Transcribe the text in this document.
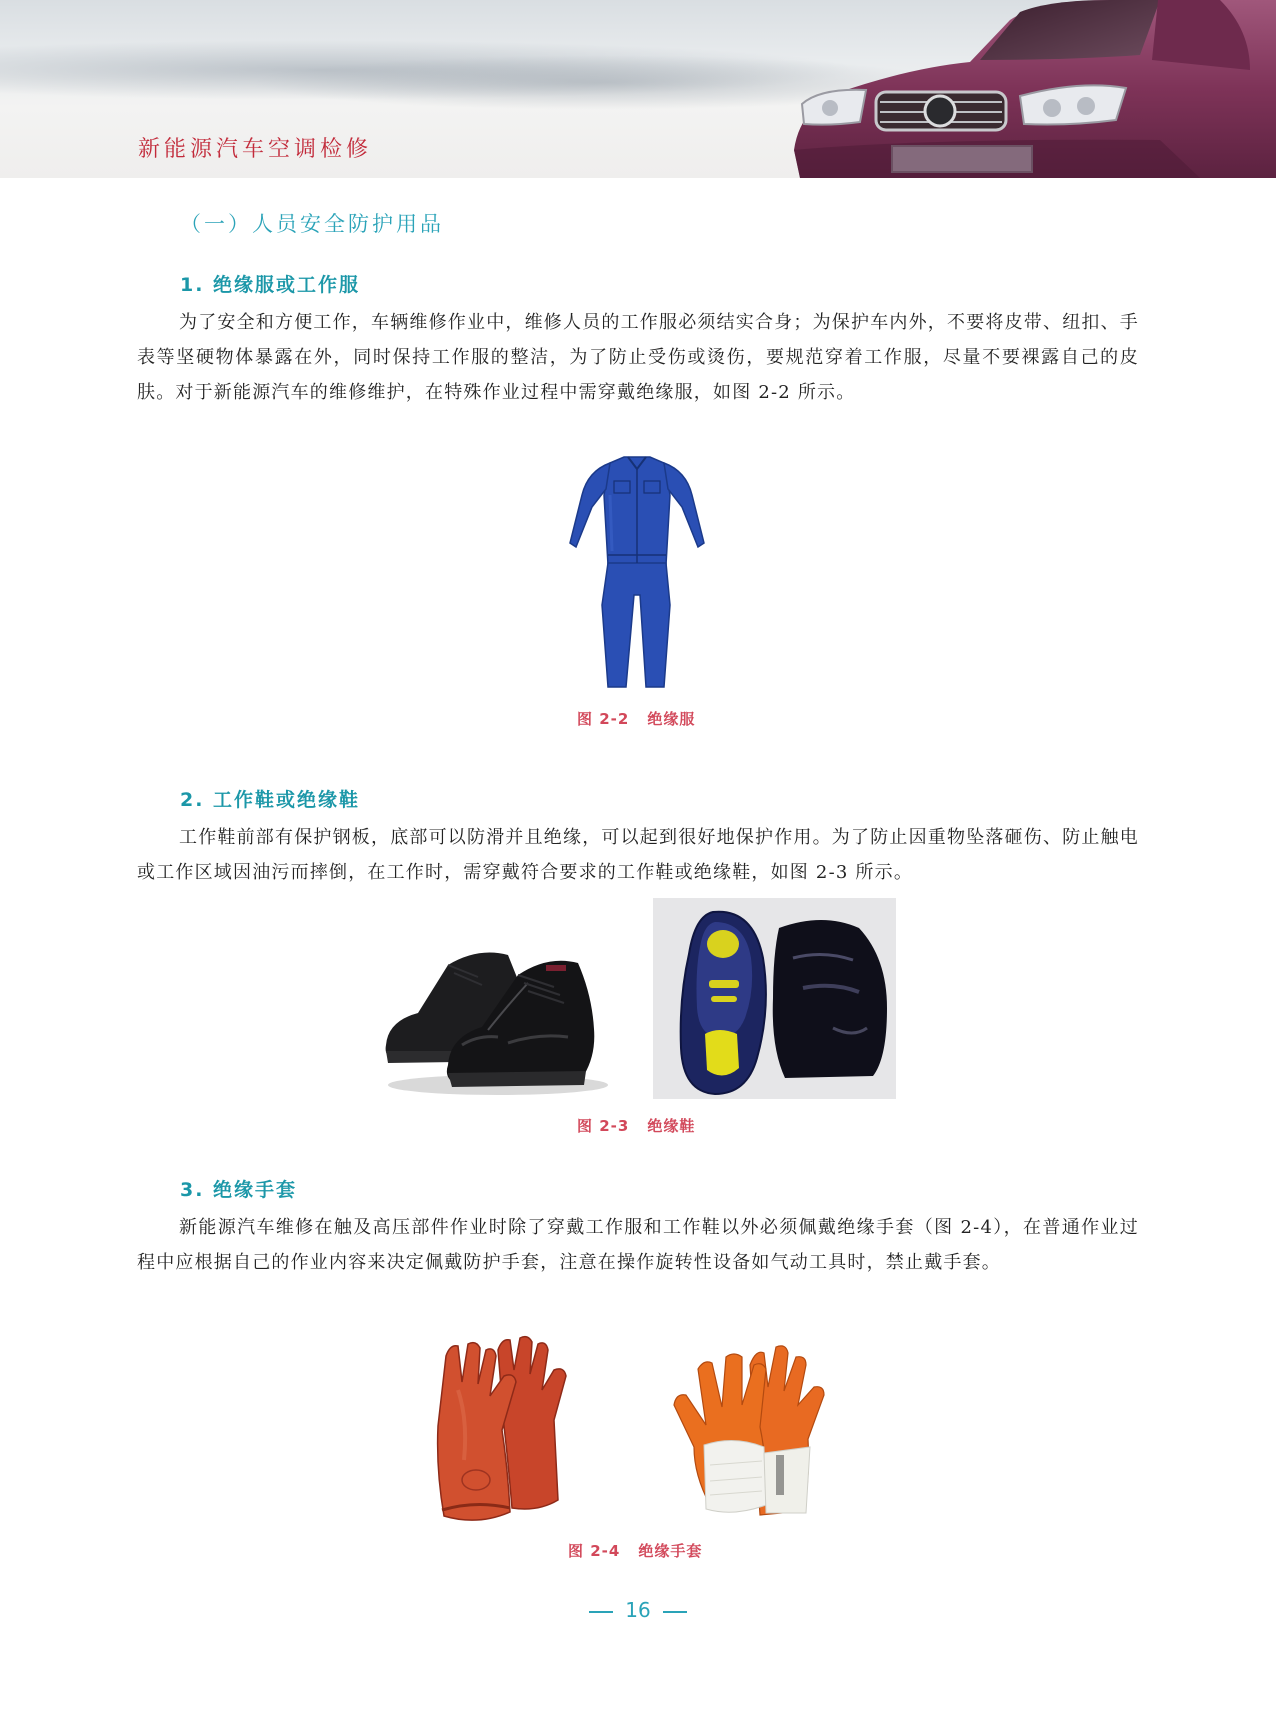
新能源汽车空调检修
（一）人员安全防护用品
1. 绝缘服或工作服
为了安全和方便工作，车辆维修作业中，维修人员的工作服必须结实合身；为保护车内外，不要将皮带、纽扣、手表等坚硬物体暴露在外，同时保持工作服的整洁，为了防止受伤或烫伤，要规范穿着工作服，尽量不要裸露自己的皮肤。对于新能源汽车的维修维护，在特殊作业过程中需穿戴绝缘服，如图 2-2 所示。
图 2-2 绝缘服
2. 工作鞋或绝缘鞋
工作鞋前部有保护钢板，底部可以防滑并且绝缘，可以起到很好地保护作用。为了防止因重物坠落砸伤、防止触电或工作区域因油污而摔倒，在工作时，需穿戴符合要求的工作鞋或绝缘鞋，如图 2-3 所示。
图 2-3 绝缘鞋
3. 绝缘手套
新能源汽车维修在触及高压部件作业时除了穿戴工作服和工作鞋以外必须佩戴绝缘手套（图 2-4），在普通作业过程中应根据自己的作业内容来决定佩戴防护手套，注意在操作旋转性设备如气动工具时，禁止戴手套。
图 2-4 绝缘手套
16
